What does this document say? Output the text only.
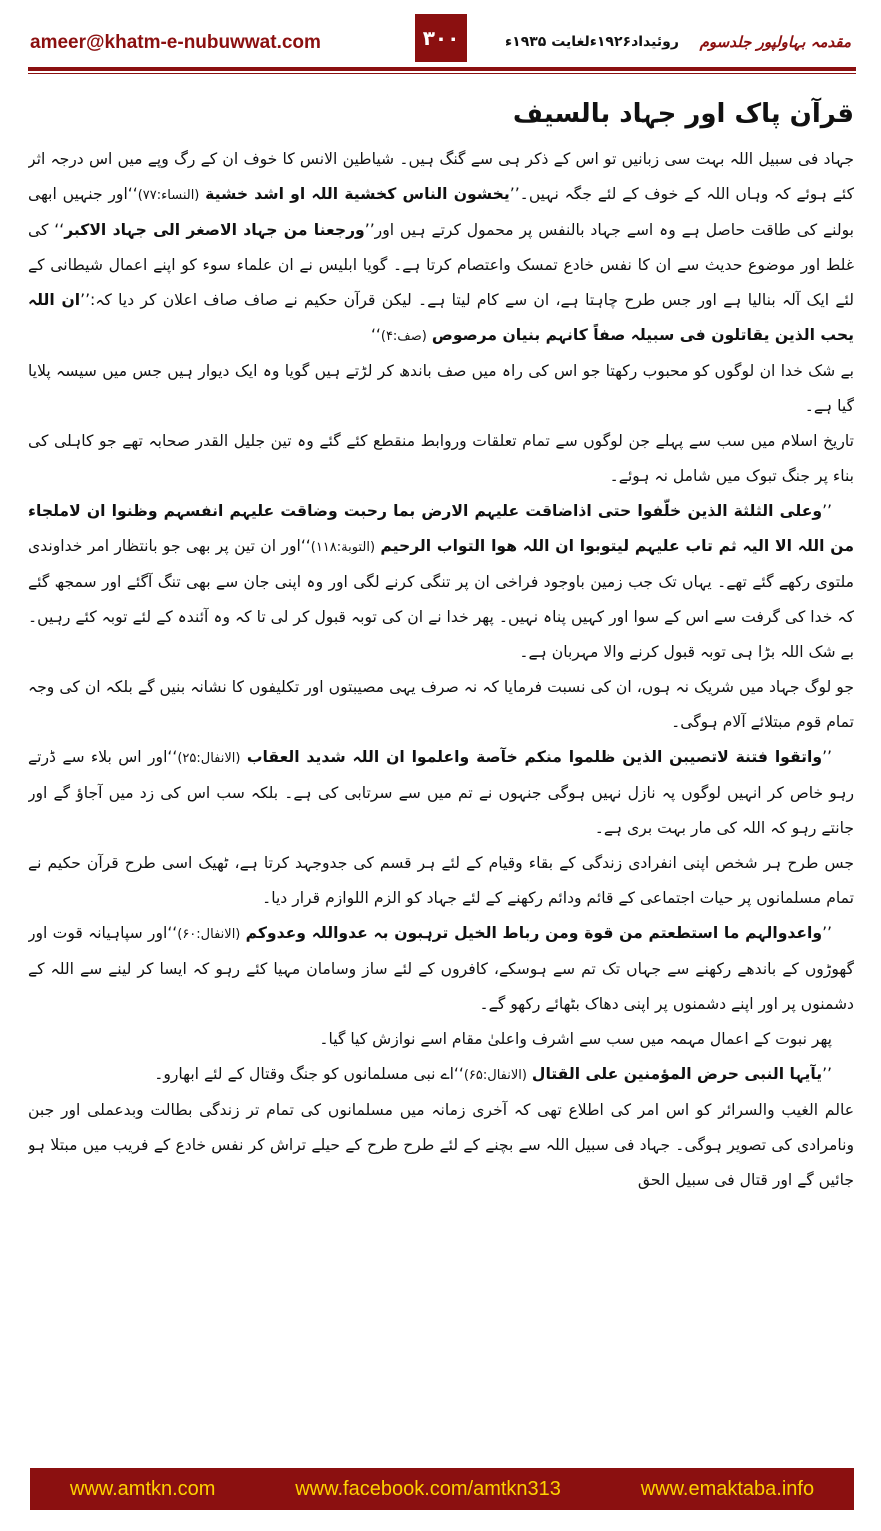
ameer@khatm-e-nubuwwat.com	۳۰۰	روئیداد۱۹۲۶ءلغایت ۱۹۳۵ء مقدمہ بہاولپور جلدسوم
قرآن پاک اور جہاد بالسیف

جہاد فی سبیل اللہ بہت سی زبانیں تو اس کے ذکر ہی سے گنگ ہیں۔ شیاطین الانس کا خوف ان کے رگ وپے میں اس درجہ اثر کئے ہوئے کہ وہاں اللہ کے خوف کے لئے جگہ نہیں۔’’یخشون الناس کخشیة اللہ او اشد خشیة (النساء:۷۷)‘‘اور جنہیں ابھی بولنے کی طاقت حاصل ہے وہ اسے جہاد بالنفس پر محمول کرتے ہیں اور’’ورجعنا من جہاد الاصغر الی جہاد الاکبر‘‘ کی غلط اور موضوع حدیث سے ان کا نفس خادع تمسک واعتصام کرتا ہے۔ گویا ابلیس نے ان علماء سوء کو اپنے اعمال شیطانی کے لئے ایک آلہ بنالیا ہے اور جس طرح چاہتا ہے، ان سے کام لیتا ہے۔ لیکن قرآن حکیم نے صاف صاف اعلان کر دیا کہ:’’ان اللہ یحب الذین یقاتلون فی سبیلہ صفاً کانہم بنیان مرصوص (صف:۴)‘‘

بے شک خدا ان لوگوں کو محبوب رکھتا جو اس کی راہ میں صف باندھ کر لڑتے ہیں گویا وہ ایک دیوار ہیں جس میں سیسہ پلایا گیا ہے۔

تاریخ اسلام میں سب سے پہلے جن لوگوں سے تمام تعلقات وروابط منقطع کئے گئے وہ تین جلیل القدر صحابہ تھے جو کاہلی کی بناء پر جنگ تبوک میں شامل نہ ہوئے۔

’’وعلی الثلثة الذین خلّفوا حتی اذاضاقت علیہم الارض بما رحبت وضاقت علیہم انفسہم وظنوا ان لاملجاء من اللہ الا الیہ ثم تاب علیہم لیتوبوا ان اللہ ھوا التواب الرحیم (التوبة:۱۱۸)‘‘اور ان تین پر بھی جو بانتظار امر خداوندی ملتوی رکھے گئے تھے۔ یہاں تک جب زمین باوجود فراخی ان پر تنگی کرنے لگی اور وہ اپنی جان سے بھی تنگ آگئے اور سمجھ گئے کہ خدا کی گرفت سے اس کے سوا اور کہیں پناہ نہیں۔ پھر خدا نے ان کی توبہ قبول کر لی تا کہ وہ آئندہ کے لئے توبہ کئے رہیں۔ بے شک اللہ بڑا ہی توبہ قبول کرنے والا مہربان ہے۔

جو لوگ جہاد میں شریک نہ ہوں، ان کی نسبت فرمایا کہ نہ صرف یہی مصیبتوں اور تکلیفوں کا نشانہ بنیں گے بلکہ ان کی وجہ تمام قوم مبتلائے آلام ہوگی۔

’’واتقوا فتنة لاتصیبن الذین ظلموا منکم خآصة واعلموا ان اللہ شدید العقاب (الانفال:۲۵)‘‘اور اس بلاء سے ڈرتے رہو خاص کر انہیں لوگوں پہ نازل نہیں ہوگی جنہوں نے تم میں سے سرتابی کی ہے۔ بلکہ سب اس کی زد میں آجاؤ گے اور جانتے رہو کہ اللہ کی مار بہت بری ہے۔

جس طرح ہر شخص اپنی انفرادی زندگی کے بقاء وقیام کے لئے ہر قسم کی جدوجہد کرتا ہے، ٹھیک اسی طرح قرآن حکیم نے تمام مسلمانوں پر حیات اجتماعی کے قائم ودائم رکھنے کے لئے جہاد کو الزم اللوازم قرار دیا۔

’’واعدوالہم ما استطعتم من قوة ومن رباط الخیل ترہبون بہ عدواللہ وعدوکم (الانفال:۶۰)‘‘اور سپاہیانہ قوت اور گھوڑوں کے باندھے رکھنے سے جہاں تک تم سے ہوسکے، کافروں کے لئے ساز وسامان مہیا کئے رہو کہ ایسا کر لینے سے اللہ کے دشمنوں پر اور اپنے دشمنوں پر اپنی دھاک بٹھائے رکھو گے۔

پھر نبوت کے اعمال مہمہ میں سب سے اشرف واعلیٰ مقام اسے نوازش کیا گیا۔

’’یآیہا النبی حرض المؤمنین علی القتال (الانفال:۶۵)‘‘اے نبی مسلمانوں کو جنگ وقتال کے لئے ابھارو۔

عالم الغیب والسرائر کو اس امر کی اطلاع تھی کہ آخری زمانہ میں مسلمانوں کی تمام تر زندگی بطالت وبدعملی اور جبن ونامرادی کی تصویر ہوگی۔ جہاد فی سبیل اللہ سے بچنے کے لئے طرح طرح کے حیلے تراش کر نفس خادع کے فریب میں مبتلا ہو جائیں گے اور قتال فی سبیل الحق

www.amtkn.com	www.facebook.com/amtkn313	www.emaktaba.info
